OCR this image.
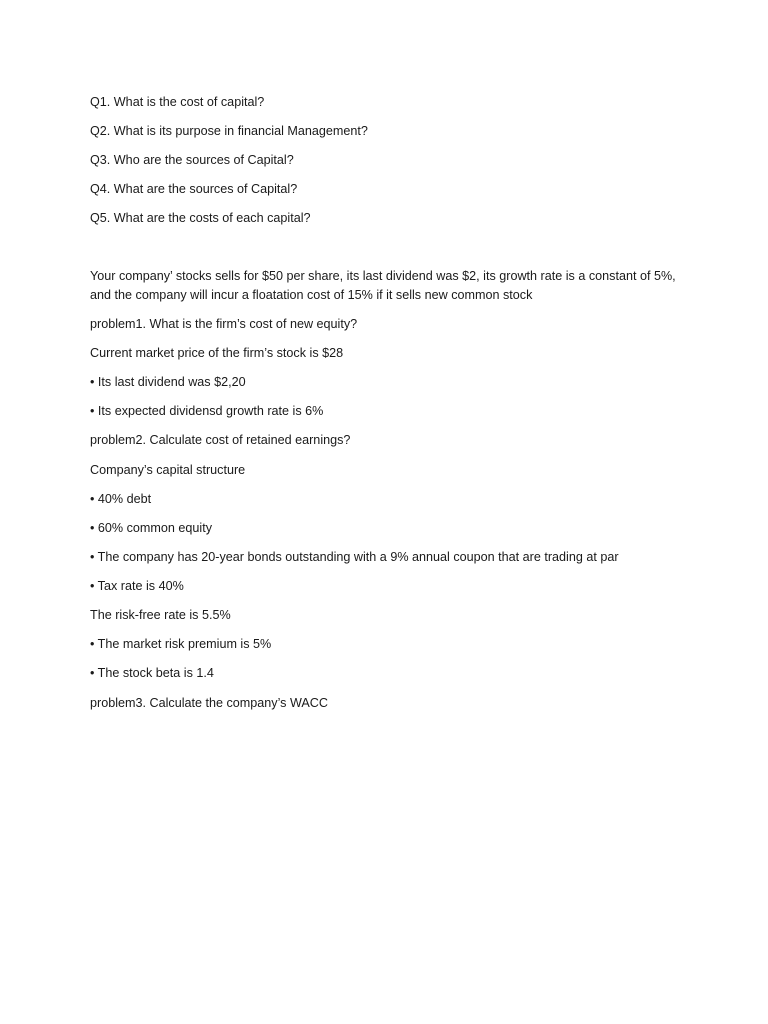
Q1. What is the cost of capital?
Q2. What is its purpose in financial Management?
Q3. Who are the sources of Capital?
Q4. What are the sources of Capital?
Q5. What are the costs of each capital?
Your company’ stocks sells for $50 per share, its last dividend was $2, its growth rate is a constant of 5%, and the company will incur a floatation cost of 15% if it sells new common stock
problem1. What is the firm’s cost of new equity?
Current market price of the firm’s stock is $28
• Its last dividend was $2,20
• Its expected dividensd growth rate is 6%
problem2. Calculate cost of retained earnings?
Company’s capital structure
• 40% debt
• 60% common equity
• The company has 20-year bonds outstanding with a 9% annual coupon that are trading at par
• Tax rate is 40%
The risk-free rate is 5.5%
• The market risk premium is 5%
• The stock beta is 1.4
problem3. Calculate the company’s WACC
